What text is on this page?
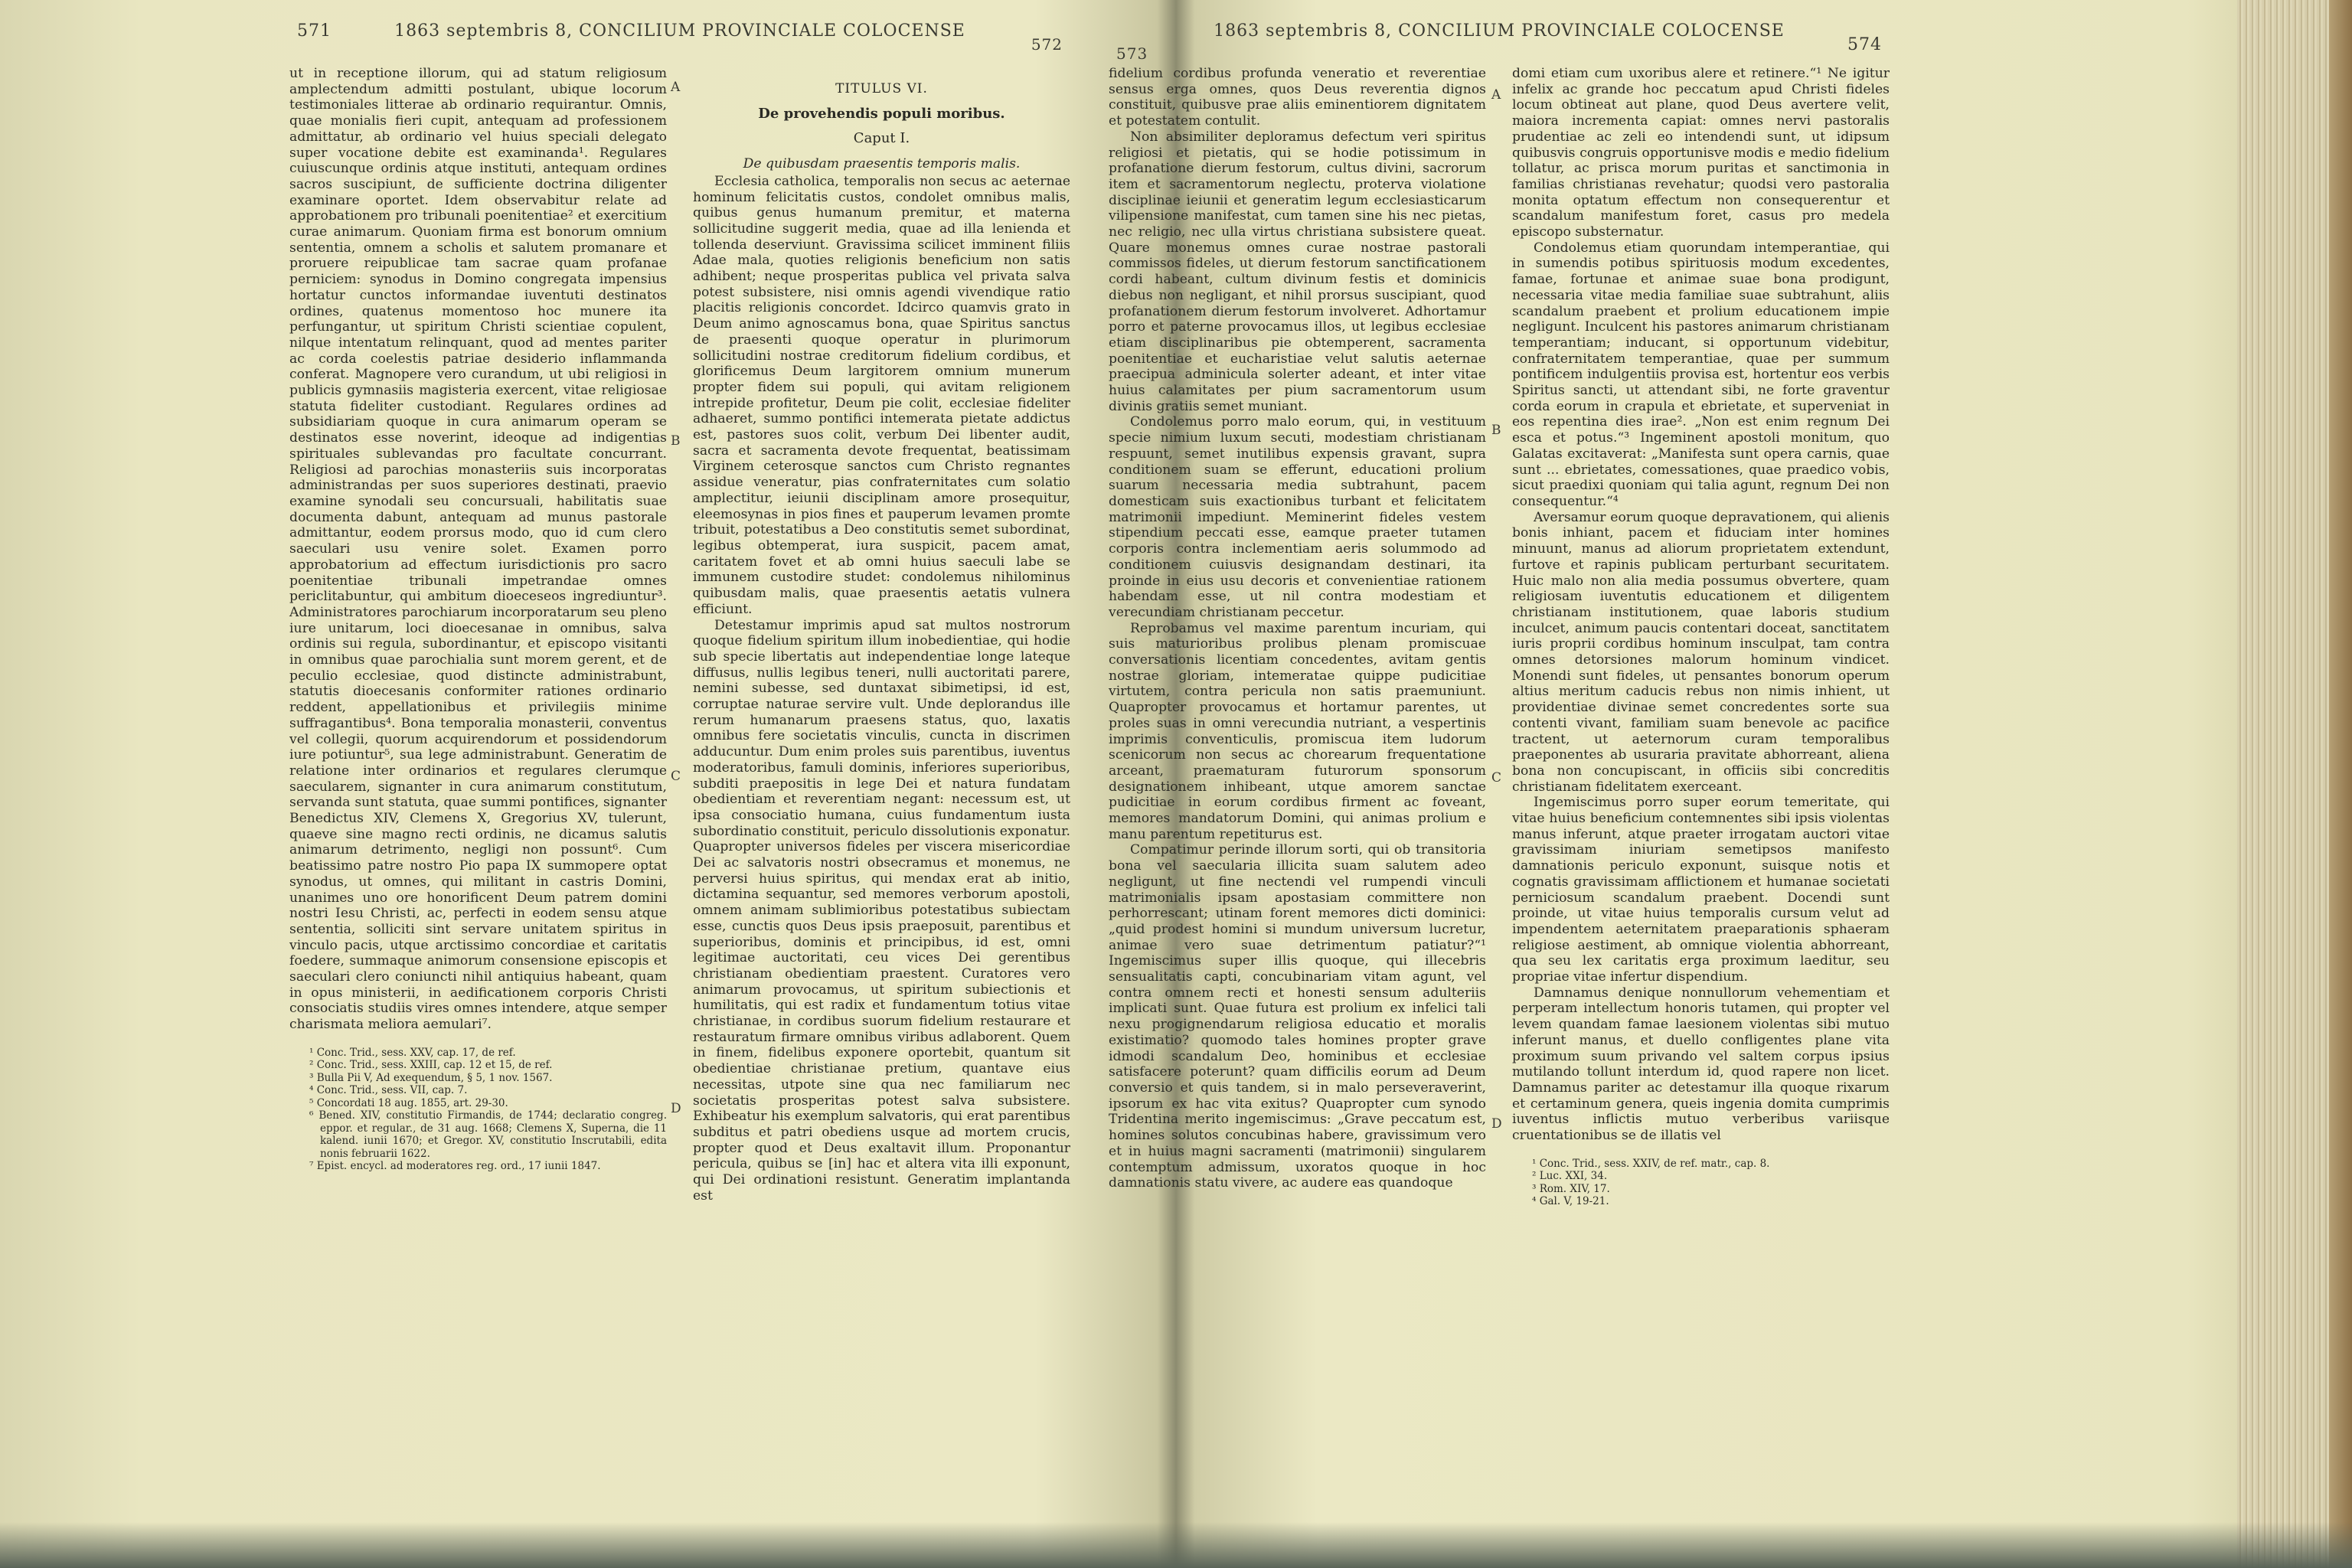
571	1863 septembris 8, CONCILIUM PROVINCIALE COLOCENSE
572

ut in receptione illorum, qui ad statum religiosum amplectendum admitti postulant, ubique locorum testimoniales litterae ab ordinario requirantur. Omnis, quae monialis fieri cupit, antequam ad professionem admittatur, ab ordinario vel huius speciali delegato super vocatione debite est examinanda¹. Regulares cuiuscunque ordinis atque instituti, antequam ordines sacros suscipiunt, de sufficiente doctrina diligenter examinare oportet. Idem observabitur relate ad approbationem pro tribunali poenitentiae² et exercitium curae animarum. Quoniam firma est bonorum omnium sententia, omnem a scholis et salutem promanare et proruere reipublicae tam sacrae quam profanae perniciem: synodus in Domino congregata impensius hortatur cunctos informandae iuventuti destinatos ordines, quatenus momentoso hoc munere ita perfungantur, ut spiritum Christi scientiae copulent, nilque intentatum relinquant, quod ad mentes pariter ac corda coelestis patriae desiderio inflammanda conferat. Magnopere vero curandum, ut ubi religiosi in publicis gymnasiis magisteria exercent, vitae religiosae statuta fideliter custodiant. Regulares ordines ad subsidiariam quoque in cura animarum operam se destinatos esse noverint, ideoque ad indigentias spirituales sublevandas pro facultate concurrant. Religiosi ad parochias monasteriis suis incorporatas administrandas per suos superiores destinati, praevio examine synodali seu concursuali, habilitatis suae documenta dabunt, antequam ad munus pastorale admittantur, eodem prorsus modo, quo id cum clero saeculari usu venire solet. Examen porro approbatorium ad effectum iurisdictionis pro sacro poenitentiae tribunali impetrandae omnes periclitabuntur, qui ambitum dioeceseos ingrediuntur³. Administratores parochiarum incorporatarum seu pleno iure unitarum, loci dioecesanae in omnibus, salva ordinis sui regula, subordinantur, et episcopo visitanti in omnibus quae parochialia sunt morem gerent, et de peculio ecclesiae, quod distincte administrabunt, statutis dioecesanis conformiter rationes ordinario reddent, appellationibus et privilegiis minime suffragantibus⁴. Bona temporalia monasterii, conventus vel collegii, quorum acquirendorum et possidendorum iure potiuntur⁵, sua lege administrabunt. Generatim de relatione inter ordinarios et regulares clerumque saecularem, signanter in cura animarum constitutum, servanda sunt statuta, quae summi pontifices, signanter Benedictus XIV, Clemens X, Gregorius XV, tulerunt, quaeve sine magno recti ordinis, ne dicamus salutis animarum detrimento, negligi non possunt⁶. Cum beatissimo patre nostro Pio papa IX summopere optat synodus, ut omnes, qui militant in castris Domini, unanimes uno ore honorificent Deum patrem domini nostri Iesu Christi, ac, perfecti in eodem sensu atque sententia, solliciti sint servare unitatem spiritus in vinculo pacis, utque arctissimo concordiae et caritatis foedere, summaque animorum consensione episcopis et saeculari clero coniuncti nihil antiquius habeant, quam in opus ministerii, in aedificationem corporis Christi consociatis studiis vires omnes intendere, atque semper charismata meliora aemulari⁷.

¹ Conc. Trid., sess. XXV, cap. 17, de ref.
² Conc. Trid., sess. XXIII, cap. 12 et 15, de ref.
³ Bulla Pii V, Ad exequendum, § 5, 1 nov. 1567.
⁴ Conc. Trid., sess. VII, cap. 7.
⁵ Concordati 18 aug. 1855, art. 29-30.
⁶ Bened. XIV, constitutio Firmandis, de 1744; declaratio congreg. eppor. et regular., de 31 aug. 1668; Clemens X, Superna, die 11 kalend. iunii 1670; et Gregor. XV, constitutio Inscrutabili, edita nonis februarii 1622.
⁷ Epist. encycl. ad moderatores reg. ord., 17 iunii 1847.

TITULUS VI.

De provehendis populi moribus.

Caput I.

De quibusdam praesentis temporis malis.

Ecclesia catholica, temporalis non secus ac aeternae hominum felicitatis custos, condolet omnibus malis, quibus genus humanum premitur, et materna sollicitudine suggerit media, quae ad illa lenienda et tollenda deserviunt. Gravissima scilicet imminent filiis Adae mala, quoties religionis beneficium non satis adhibent; neque prosperitas publica vel privata salva potest subsistere, nisi omnis agendi vivendique ratio placitis religionis concordet. Idcirco quamvis grato in Deum animo agnoscamus bona, quae Spiritus sanctus de praesenti quoque operatur in plurimorum sollicitudini nostrae creditorum fidelium cordibus, et glorificemus Deum largitorem omnium munerum propter fidem sui populi, qui avitam religionem intrepide profitetur, Deum pie colit, ecclesiae fideliter adhaeret, summo pontifici intemerata pietate addictus est, pastores suos colit, verbum Dei libenter audit, sacra et sacramenta devote frequentat, beatissimam Virginem ceterosque sanctos cum Christo regnantes assidue veneratur, pias confraternitates cum solatio amplectitur, ieiunii disciplinam amore prosequitur, eleemosynas in pios fines et pauperum levamen promte tribuit, potestatibus a Deo constitutis semet subordinat, legibus obtemperat, iura suspicit, pacem amat, caritatem fovet et ab omni huius saeculi labe se immunem custodire studet: condolemus nihilominus quibusdam malis, quae praesentis aetatis vulnera efficiunt.

Detestamur imprimis apud sat multos nostrorum quoque fidelium spiritum illum inobedientiae, qui hodie sub specie libertatis aut independentiae longe lateque diffusus, nullis legibus teneri, nulli auctoritati parere, nemini subesse, sed duntaxat sibimetipsi, id est, corruptae naturae servire vult. Unde deplorandus ille rerum humanarum praesens status, quo, laxatis omnibus fere societatis vinculis, cuncta in discrimen adducuntur. Dum enim proles suis parentibus, iuventus moderatoribus, famuli dominis, inferiores superioribus, subditi praepositis in lege Dei et natura fundatam obedientiam et reverentiam negant: necessum est, ut ipsa consociatio humana, cuius fundamentum iusta subordinatio constituit, periculo dissolutionis exponatur. Quapropter universos fideles per viscera misericordiae Dei ac salvatoris nostri obsecramus et monemus, ne perversi huius spiritus, qui mendax erat ab initio, dictamina sequantur, sed memores verborum apostoli, omnem animam sublimioribus potestatibus subiectam esse, cunctis quos Deus ipsis praeposuit, parentibus et superioribus, dominis et principibus, id est, omni legitimae auctoritati, ceu vices Dei gerentibus christianam obedientiam praestent. Curatores vero animarum provocamus, ut spiritum subiectionis et humilitatis, qui est radix et fundamentum totius vitae christianae, in cordibus suorum fidelium restaurare et restauratum firmare omnibus viribus adlaborent. Quem in finem, fidelibus exponere oportebit, quantum sit obedientiae christianae pretium, quantave eius necessitas, utpote sine qua nec familiarum nec societatis prosperitas potest salva subsistere. Exhibeatur his exemplum salvatoris, qui erat parentibus subditus et patri obediens usque ad mortem crucis, propter quod et Deus exaltavit illum. Proponantur pericula, quibus se [in] hac et altera vita illi exponunt, qui Dei ordinationi resistunt. Generatim implantanda est

A
B
C
D
573
1863 septembris 8, CONCILIUM PROVINCIALE COLOCENSE
574

fidelium cordibus profunda veneratio et reverentiae sensus erga omnes, quos Deus reverentia dignos constituit, quibusve prae aliis eminentiorem dignitatem et potestatem contulit.

Non absimiliter deploramus defectum veri spiritus religiosi et pietatis, qui se hodie potissimum in profanatione dierum festorum, cultus divini, sacrorum item et sacramentorum neglectu, proterva violatione disciplinae ieiunii et generatim legum ecclesiasticarum vilipensione manifestat, cum tamen sine his nec pietas, nec religio, nec ulla virtus christiana subsistere queat. Quare monemus omnes curae nostrae pastorali commissos fideles, ut dierum festorum sanctificationem cordi habeant, cultum divinum festis et dominicis diebus non negligant, et nihil prorsus suscipiant, quod profanationem dierum festorum involveret. Adhortamur porro et paterne provocamus illos, ut legibus ecclesiae etiam disciplinaribus pie obtemperent, sacramenta poenitentiae et eucharistiae velut salutis aeternae praecipua adminicula solerter adeant, et inter vitae huius calamitates per pium sacramentorum usum divinis gratiis semet muniant.

Condolemus porro malo eorum, qui, in vestituum specie nimium luxum secuti, modestiam christianam respuunt, semet inutilibus expensis gravant, supra conditionem suam se efferunt, educationi prolium suarum necessaria media subtrahunt, pacem domesticam suis exactionibus turbant et felicitatem matrimonii impediunt. Meminerint fideles vestem stipendium peccati esse, eamque praeter tutamen corporis contra inclementiam aeris solummodo ad conditionem cuiusvis designandam destinari, ita proinde in eius usu decoris et convenientiae rationem habendam esse, ut nil contra modestiam et verecundiam christianam peccetur.

Reprobamus vel maxime parentum incuriam, qui suis maturioribus prolibus plenam promiscuae conversationis licentiam concedentes, avitam gentis nostrae gloriam, intemeratae quippe pudicitiae virtutem, contra pericula non satis praemuniunt. Quapropter provocamus et hortamur parentes, ut proles suas in omni verecundia nutriant, a vespertinis imprimis conventiculis, promiscua item ludorum scenicorum non secus ac chorearum frequentatione arceant, praematuram futurorum sponsorum designationem inhibeant, utque amorem sanctae pudicitiae in eorum cordibus firment ac foveant, memores mandatorum Domini, qui animas prolium e manu parentum repetiturus est.

Compatimur perinde illorum sorti, qui ob transitoria bona vel saecularia illicita suam salutem adeo negligunt, ut fine nectendi vel rumpendi vinculi matrimonialis ipsam apostasiam committere non perhorrescant; utinam forent memores dicti dominici: „quid prodest homini si mundum universum lucretur, animae vero suae detrimentum patiatur?“¹ Ingemiscimus super illis quoque, qui illecebris sensualitatis capti, concubinariam vitam agunt, vel contra omnem recti et honesti sensum adulteriis implicati sunt. Quae futura est prolium ex infelici tali nexu progignendarum religiosa educatio et moralis existimatio? quomodo tales homines propter grave idmodi scandalum Deo, hominibus et ecclesiae satisfacere poterunt? quam difficilis eorum ad Deum conversio et quis tandem, si in malo perseveraverint, ipsorum ex hac vita exitus? Quapropter cum synodo Tridentina merito ingemiscimus: „Grave peccatum est, homines solutos concubinas habere, gravissimum vero et in huius magni sacramenti (matrimonii) singularem contemptum admissum, uxoratos quoque in hoc damnationis statu vivere, ac audere eas quandoque

domi etiam cum uxoribus alere et retinere.“¹ Ne igitur infelix ac grande hoc peccatum apud Christi fideles locum obtineat aut plane, quod Deus avertere velit, maiora incrementa capiat: omnes nervi pastoralis prudentiae ac zeli eo intendendi sunt, ut idipsum quibusvis congruis opportunisve modis e medio fidelium tollatur, ac prisca morum puritas et sanctimonia in familias christianas revehatur; quodsi vero pastoralia monita optatum effectum non consequerentur et scandalum manifestum foret, casus pro medela episcopo substernatur.

Condolemus etiam quorundam intemperantiae, qui in sumendis potibus spirituosis modum excedentes, famae, fortunae et animae suae bona prodigunt, necessaria vitae media familiae suae subtrahunt, aliis scandalum praebent et prolium educationem impie negligunt. Inculcent his pastores animarum christianam temperantiam; inducant, si opportunum videbitur, confraternitatem temperantiae, quae per summum pontificem indulgentiis provisa est, hortentur eos verbis Spiritus sancti, ut attendant sibi, ne forte graventur corda eorum in crapula et ebrietate, et superveniat in eos repentina dies irae². „Non est enim regnum Dei esca et potus.“³ Ingeminent apostoli monitum, quo Galatas excitaverat: „Manifesta sunt opera carnis, quae sunt ... ebrietates, comessationes, quae praedico vobis, sicut praedixi quoniam qui talia agunt, regnum Dei non consequentur.“⁴

Aversamur eorum quoque depravationem, qui alienis bonis inhiant, pacem et fiduciam inter homines minuunt, manus ad aliorum proprietatem extendunt, furtove et rapinis publicam perturbant securitatem. Huic malo non alia media possumus obvertere, quam religiosam iuventutis educationem et diligentem christianam institutionem, quae laboris studium inculcet, animum paucis contentari doceat, sanctitatem iuris proprii cordibus hominum insculpat, tam contra omnes detorsiones malorum hominum vindicet. Monendi sunt fideles, ut pensantes bonorum operum altius meritum caducis rebus non nimis inhient, ut providentiae divinae semet concredentes sorte sua contenti vivant, familiam suam benevole ac pacifice tractent, ut aeternorum curam temporalibus praeponentes ab usuraria pravitate abhorreant, aliena bona non concupiscant, in officiis sibi concreditis christianam fidelitatem exerceant.

Ingemiscimus porro super eorum temeritate, qui vitae huius beneficium contemnentes sibi ipsis violentas manus inferunt, atque praeter irrogatam auctori vitae gravissimam iniuriam semetipsos manifesto damnationis periculo exponunt, suisque notis et cognatis gravissimam afflictionem et humanae societati perniciosum scandalum praebent. Docendi sunt proinde, ut vitae huius temporalis cursum velut ad impendentem aeternitatem praeparationis sphaeram religiose aestiment, ab omnique violentia abhorreant, qua seu lex caritatis erga proximum laeditur, seu propriae vitae infertur dispendium.

Damnamus denique nonnullorum vehementiam et perperam intellectum honoris tutamen, qui propter vel levem quandam famae laesionem violentas sibi mutuo inferunt manus, et duello confligentes plane vita proximum suum privando vel saltem corpus ipsius mutilando tollunt interdum id, quod rapere non licet. Damnamus pariter ac detestamur illa quoque rixarum et certaminum genera, queis ingenia domita cumprimis iuventus inflictis mutuo verberibus variisque cruentationibus se de illatis vel

¹ Conc. Trid., sess. XXIV, de ref. matr., cap. 8.
² Luc. XXI, 34.
³ Rom. XIV, 17.
⁴ Gal. V, 19-21.
A
B
C
D
